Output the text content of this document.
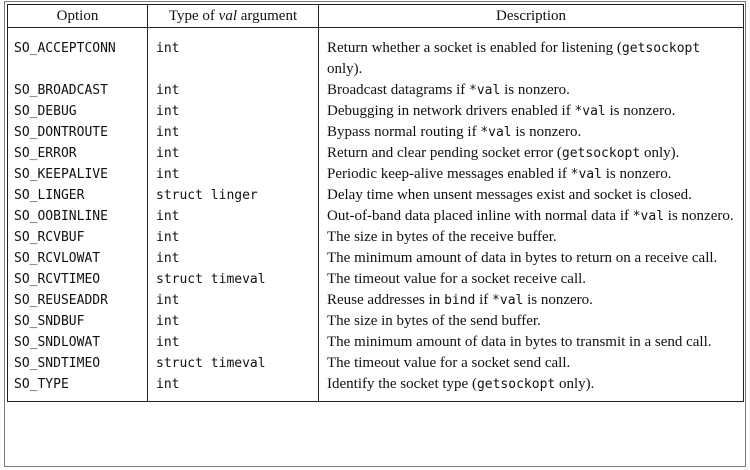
Option	Type of val argument	Description
SO_ACCEPTCONN	int	Return whether a socket is enabled for listening (getsockopt only).
SO_BROADCAST	int	Broadcast datagrams if *val is nonzero.
SO_DEBUG	int	Debugging in network drivers enabled if *val is nonzero.
SO_DONTROUTE	int	Bypass normal routing if *val is nonzero.
SO_ERROR	int	Return and clear pending socket error (getsockopt only).
SO_KEEPALIVE	int	Periodic keep-alive messages enabled if *val is nonzero.
SO_LINGER	struct linger	Delay time when unsent messages exist and socket is closed.
SO_OOBINLINE	int	Out-of-band data placed inline with normal data if *val is nonzero.
SO_RCVBUF	int	The size in bytes of the receive buffer.
SO_RCVLOWAT	int	The minimum amount of data in bytes to return on a receive call.
SO_RCVTIMEO	struct timeval	The timeout value for a socket receive call.
SO_REUSEADDR	int	Reuse addresses in bind if *val is nonzero.
SO_SNDBUF	int	The size in bytes of the send buffer.
SO_SNDLOWAT	int	The minimum amount of data in bytes to transmit in a send call.
SO_SNDTIMEO	struct timeval	The timeout value for a socket send call.
SO_TYPE	int	Identify the socket type (getsockopt only).
